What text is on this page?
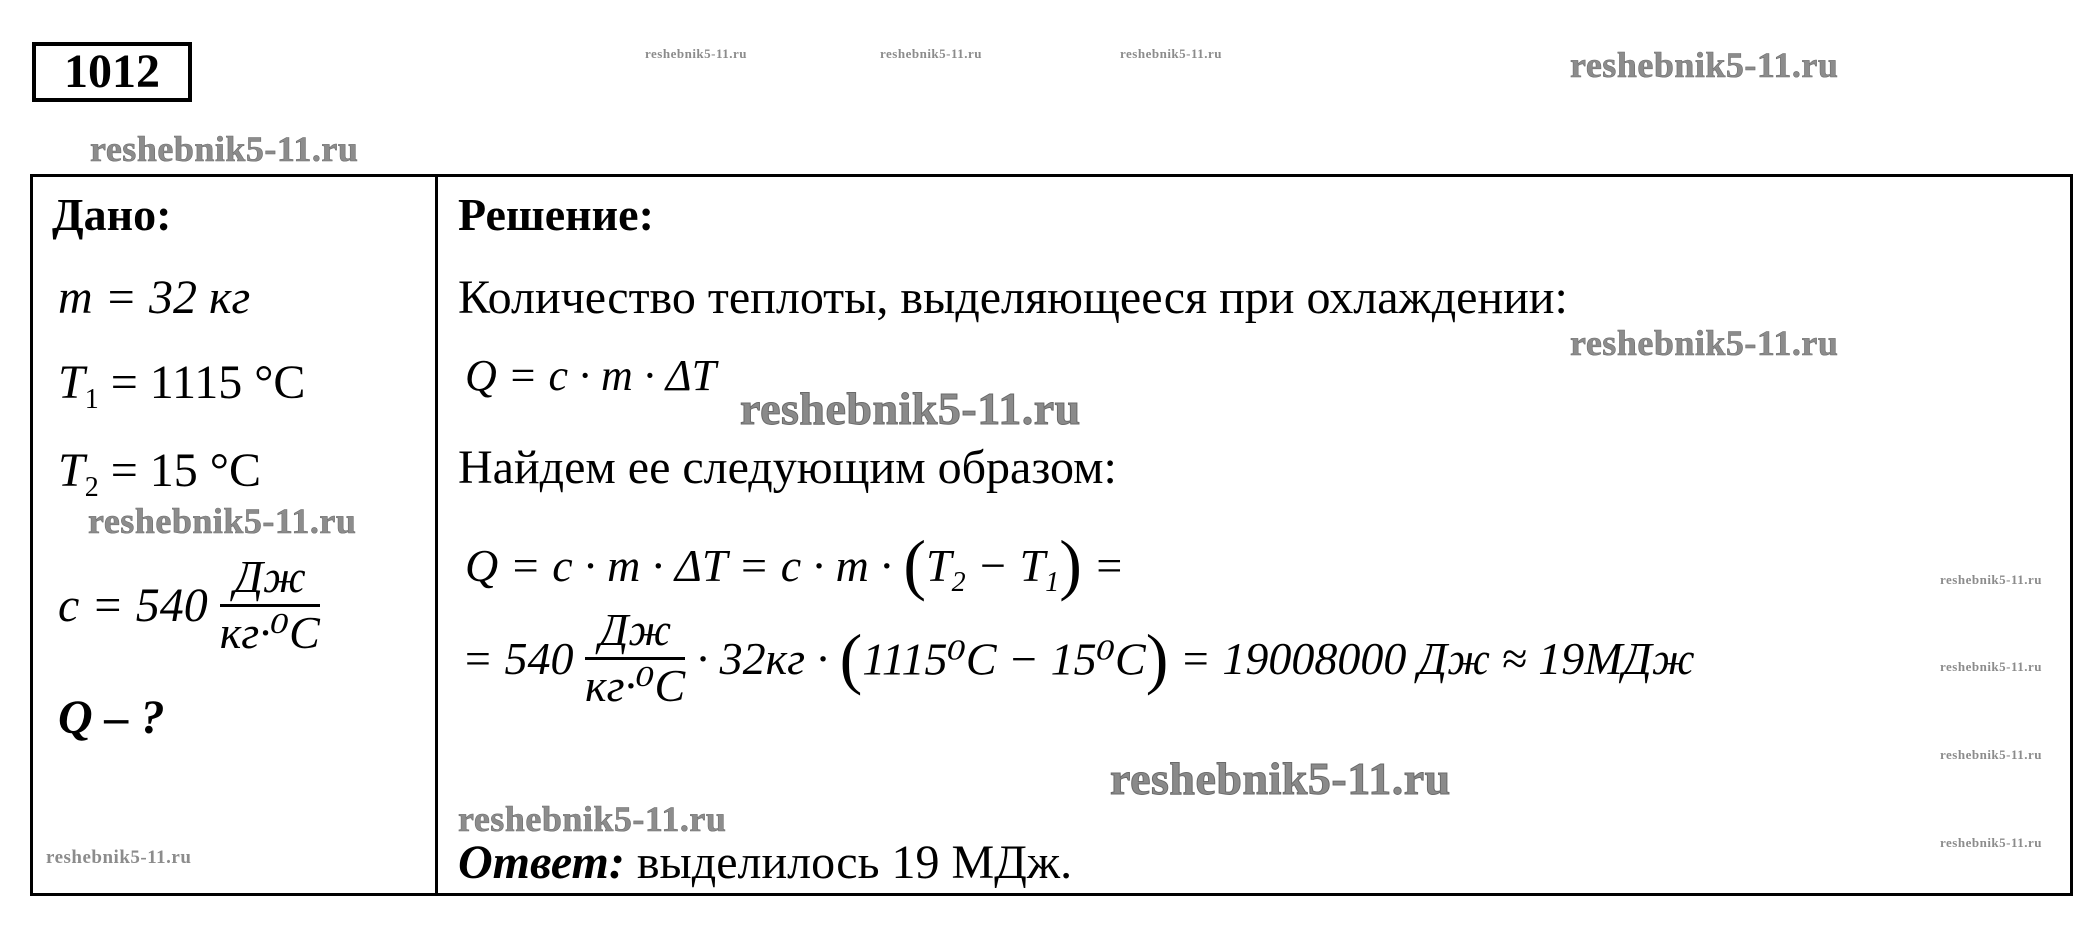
1012	reshebnik5-11.ru	reshebnik5-11.ru	reshebnik5-11.ru	reshebnik5-11.ru
reshebnik5-11.ru
Дано:
m = 32 кг
$T_1 = 1115$ °С
$T_2 = 15$ °С
$c = 540 \frac{Дж}{\text{кг·⁰С}}$
Q – ?
Решение:
Количество теплоты, выделяющееся при охлаждении:
Q = c · m · ΔT
Найдем ее следующим образом:
$Q = c \cdot m \cdot \Delta T = c \cdot m \cdot (T_2 - T_1)$ =
= $540 \frac{Дж}{\text{кг·⁰С}} \cdot 32кг \cdot (1115^0С - 15^0С) = 19008000$ Дж ≈ 19МДж
Ответ: выделилось 19 МДж.
reshebnik5-11.ru
reshebnik5-11.ru
reshebnik5-11.ru
reshebnik5-11.ru
reshebnik5-11.ru
reshebnik5-11.ru
reshebnik5-11.ru
reshebnik5-11.ru
reshebnik5-11.ru
reshebnik5-11.ru
